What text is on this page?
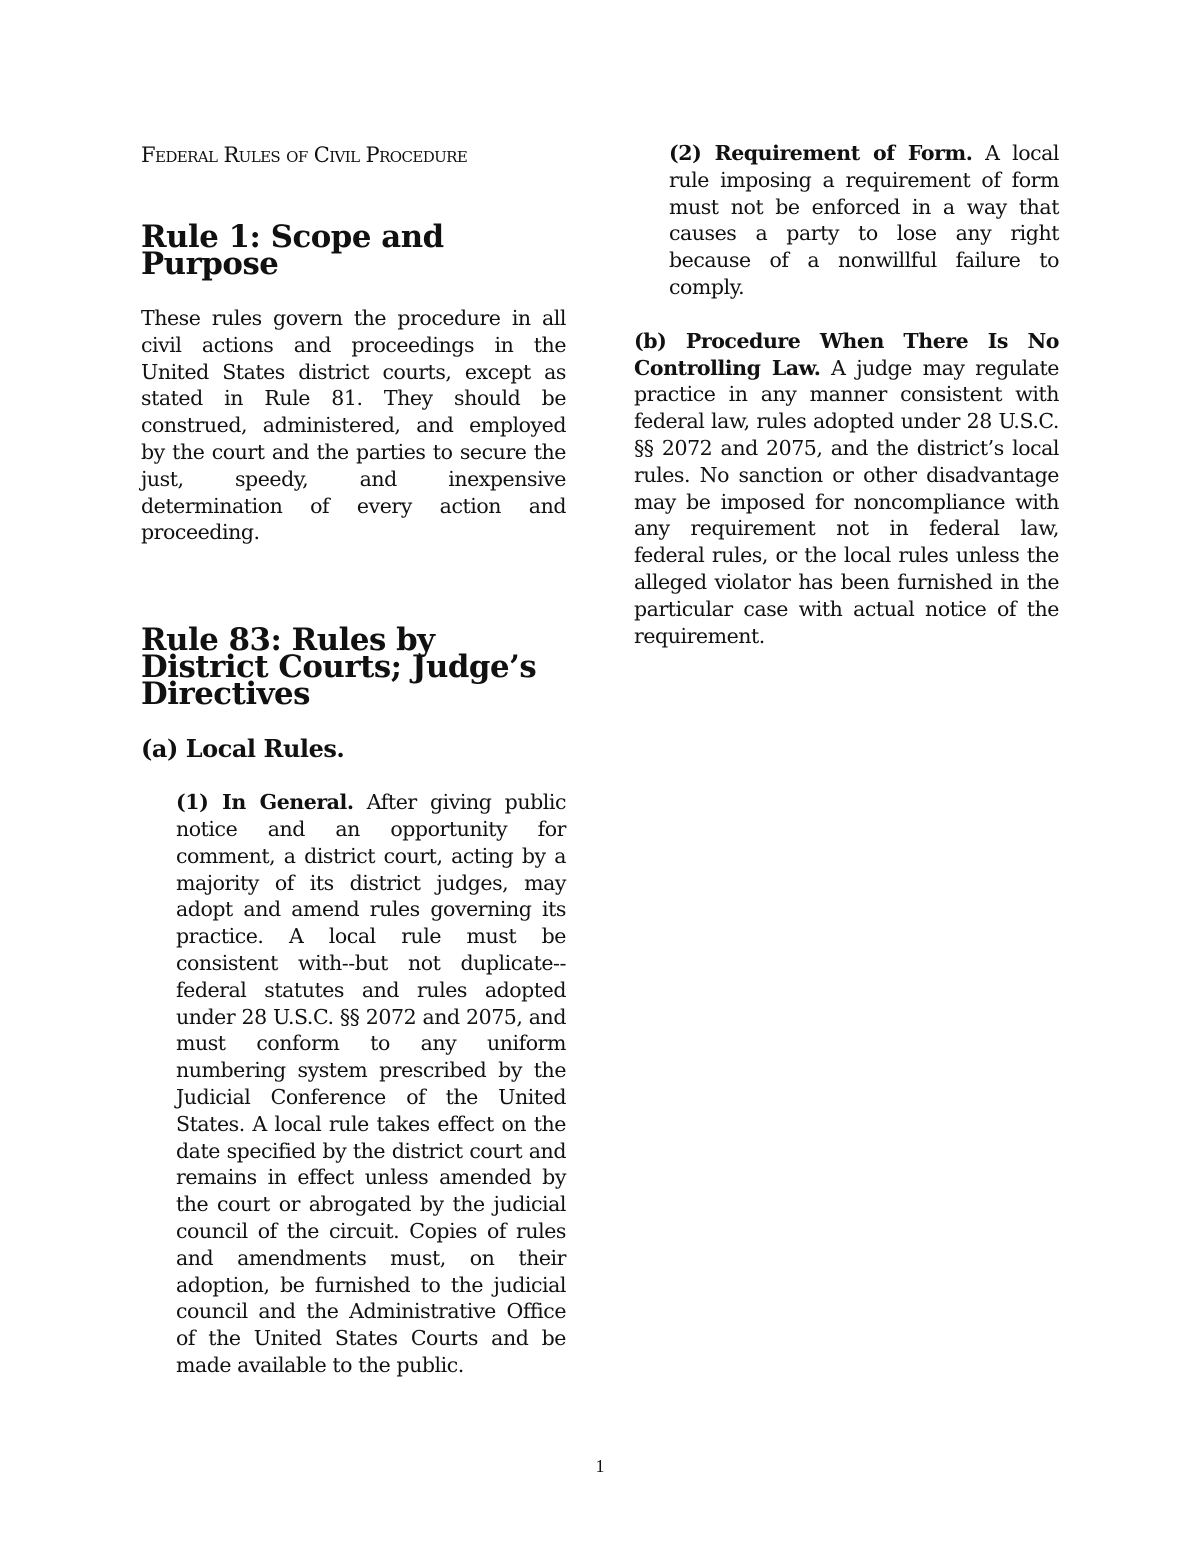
Federal Rules of Civil Procedure
Rule 1: Scope and Purpose

These rules govern the procedure in all civil actions and proceedings in the United States district courts, except as stated in Rule 81. They should be construed, administered, and employed by the court and the parties to secure the just, speedy, and inexpensive determination of every action and proceeding.

Rule 83: Rules by District Courts; Judge’s Directives
(a) Local Rules.

(1) In General. After giving public notice and an opportunity for comment, a district court, acting by a majority of its district judges, may adopt and amend rules governing its practice. A local rule must be consistent with--but not duplicate--federal statutes and rules adopted under 28 U.S.C. §§ 2072 and 2075, and must conform to any uniform numbering system prescribed by the Judicial Conference of the United States. A local rule takes effect on the date specified by the district court and remains in effect unless amended by the court or abrogated by the judicial council of the circuit. Copies of rules and amendments must, on their adoption, be furnished to the judicial council and the Administrative Office of the United States Courts and be made available to the public.

(2) Requirement of Form. A local rule imposing a requirement of form must not be enforced in a way that causes a party to lose any right because of a nonwillful failure to comply.

(b) Procedure When There Is No Controlling Law. A judge may regulate practice in any manner consistent with federal law, rules adopted under 28 U.S.C. §§ 2072 and 2075, and the district’s local rules. No sanction or other disadvantage may be imposed for noncompliance with any requirement not in federal law, federal rules, or the local rules unless the alleged violator has been furnished in the particular case with actual notice of the requirement.

1
